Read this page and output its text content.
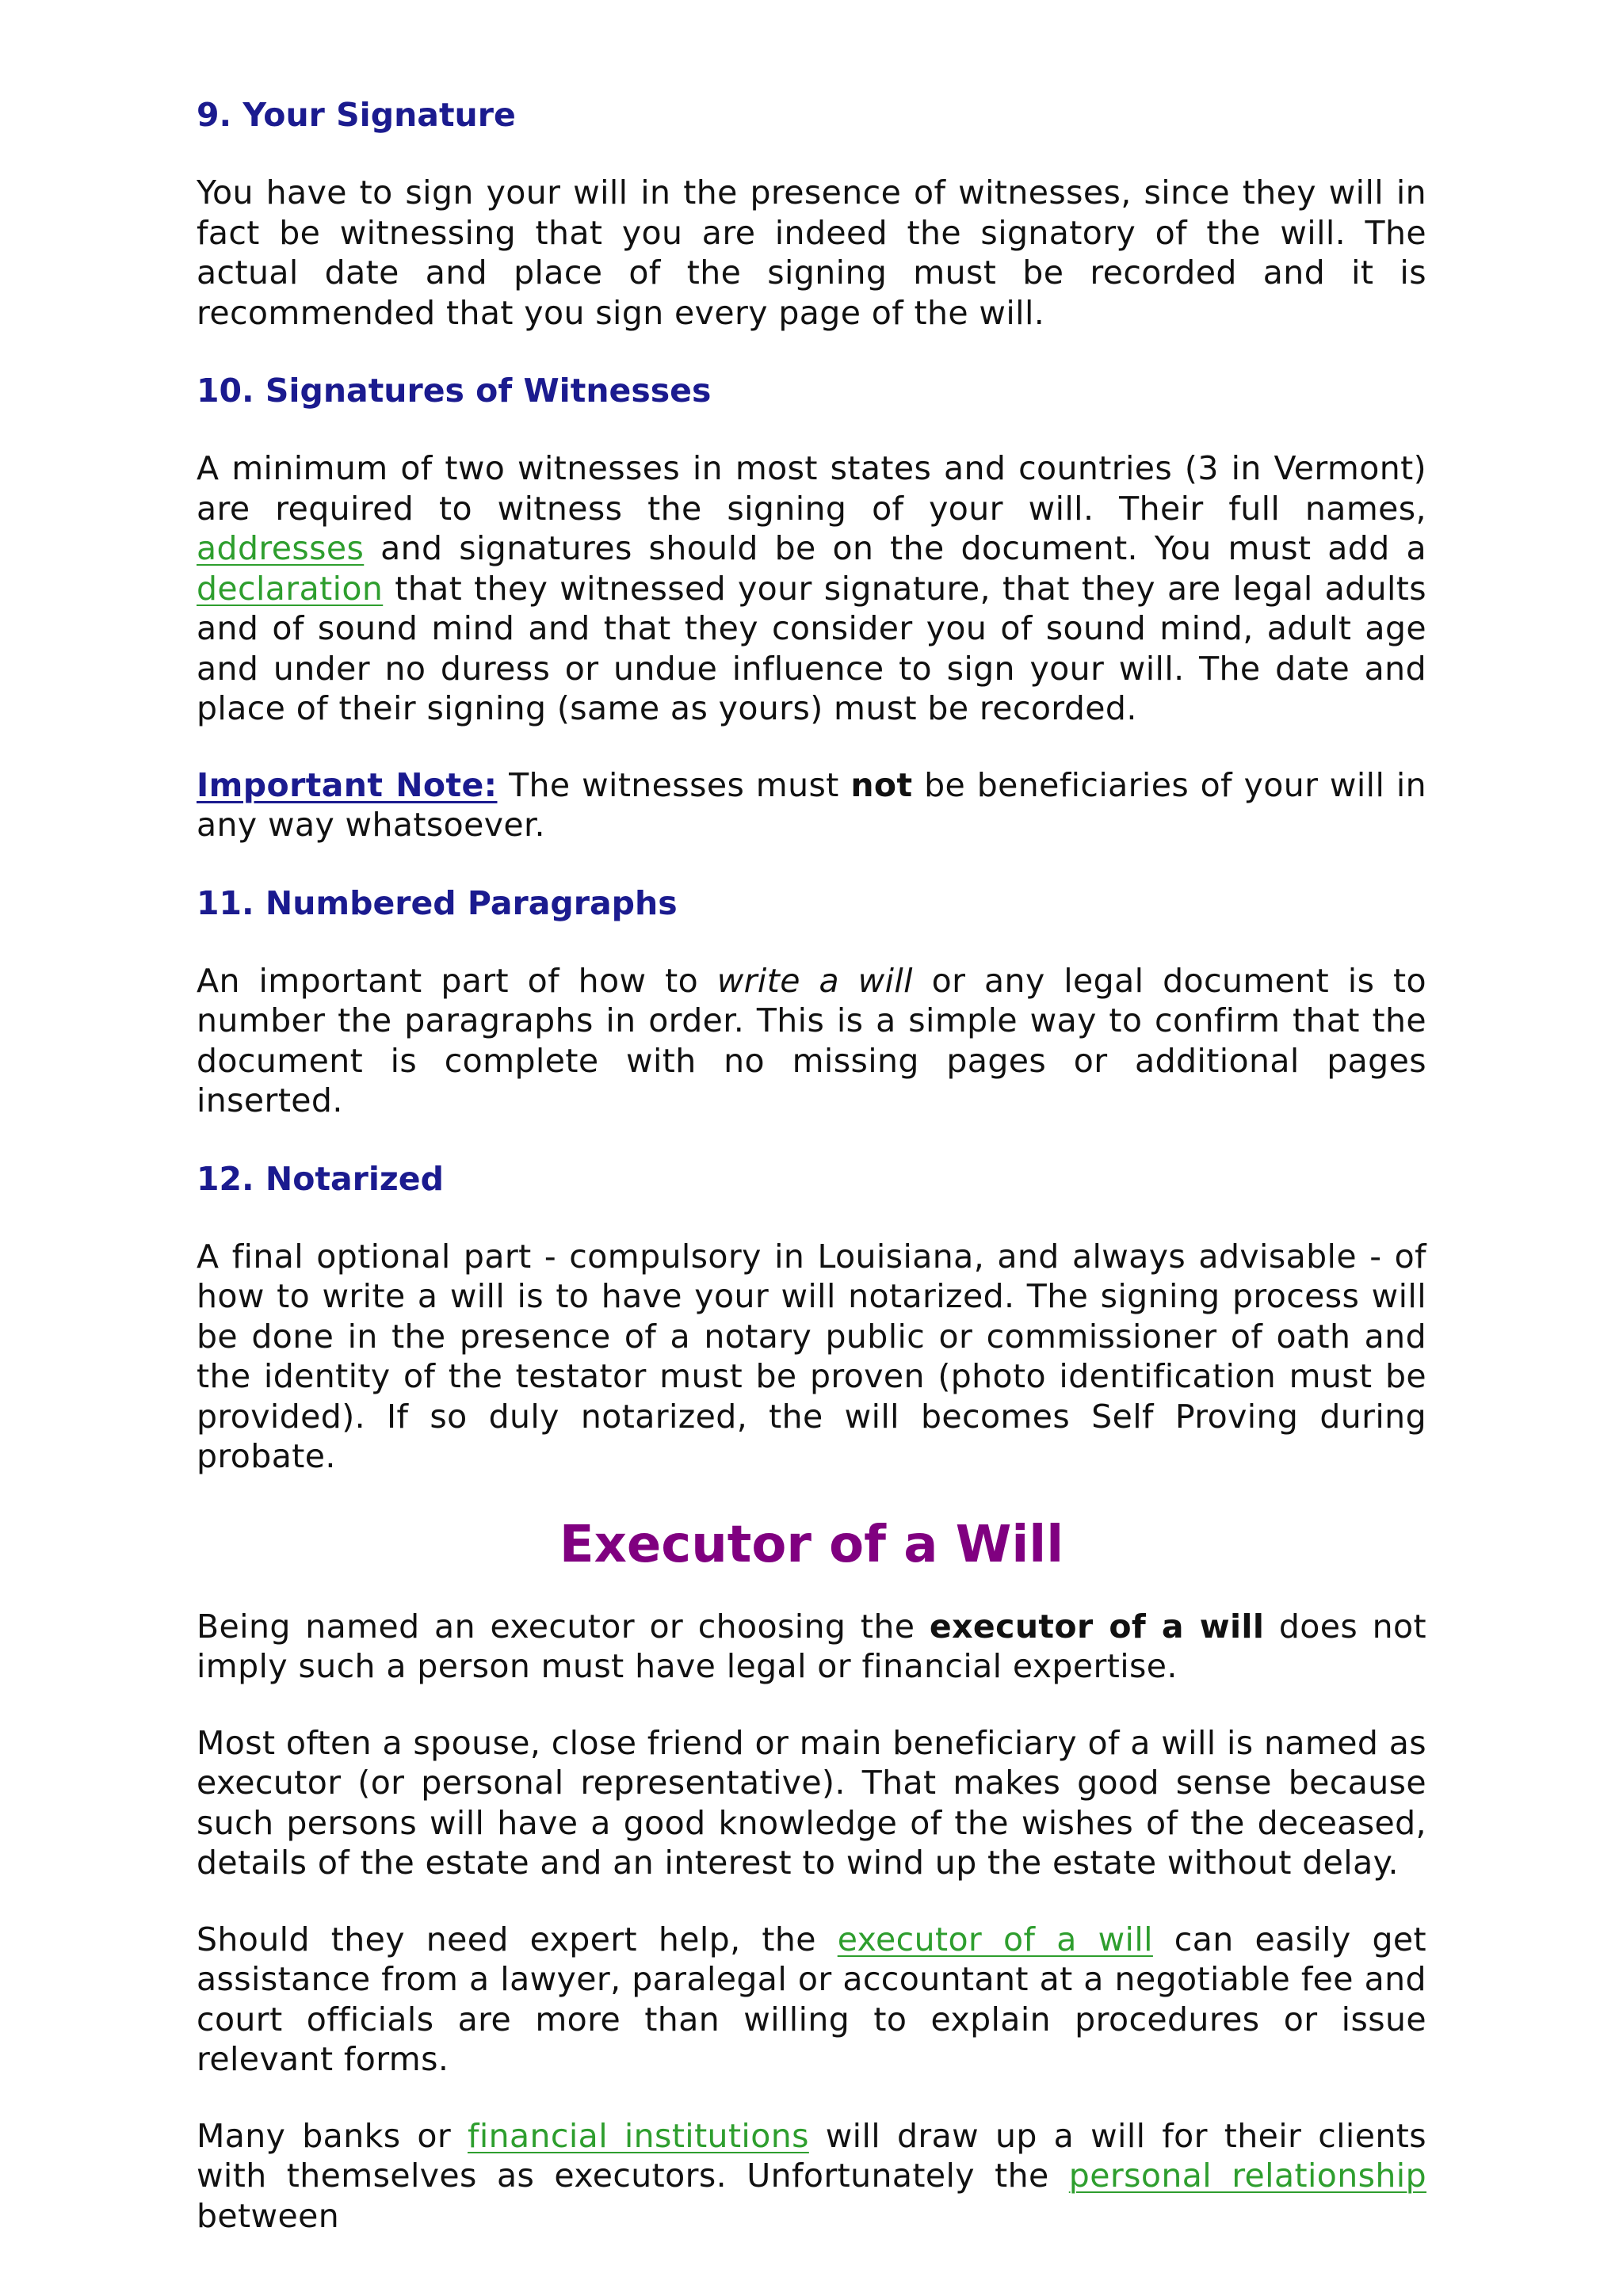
9. Your Signature

You have to sign your will in the presence of witnesses, since they will in fact be witnessing that you are indeed the signatory of the will. The actual date and place of the signing must be recorded and it is recommended that you sign every page of the will.

10. Signatures of Witnesses

A minimum of two witnesses in most states and countries (3 in Vermont) are required to witness the signing of your will. Their full names, addresses and signatures should be on the document. You must add a declaration that they witnessed your signature, that they are legal adults and of sound mind and that they consider you of sound mind, adult age and under no duress or undue influence to sign your will. The date and place of their signing (same as yours) must be recorded.

Important Note: The witnesses must not be beneficiaries of your will in any way whatsoever.

11. Numbered Paragraphs

An important part of how to write a will or any legal document is to number the paragraphs in order. This is a simple way to confirm that the document is complete with no missing pages or additional pages inserted.

12. Notarized

A final optional part - compulsory in Louisiana, and always advisable - of how to write a will is to have your will notarized. The signing process will be done in the presence of a notary public or commissioner of oath and the identity of the testator must be proven (photo identification must be provided). If so duly notarized, the will becomes Self Proving during probate.

Executor of a Will

Being named an executor or choosing the executor of a will does not imply such a person must have legal or financial expertise.

Most often a spouse, close friend or main beneficiary of a will is named as executor (or personal representative). That makes good sense because such persons will have a good knowledge of the wishes of the deceased, details of the estate and an interest to wind up the estate without delay.

Should they need expert help, the executor of a will can easily get assistance from a lawyer, paralegal or accountant at a negotiable fee and court officials are more than willing to explain procedures or issue relevant forms.

Many banks or financial institutions will draw up a will for their clients with themselves as executors. Unfortunately the personal relationship between
